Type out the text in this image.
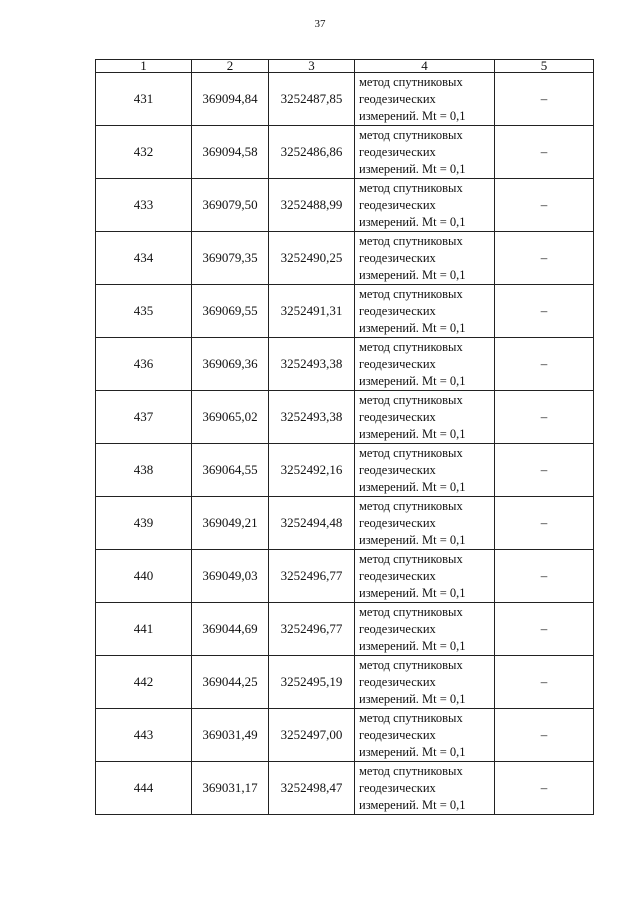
37
1	2	3	4	5
431	369094,84	3252487,85	метод спутниковых
геодезических
измерений. Mt = 0,1	–
432	369094,58	3252486,86	метод спутниковых
геодезических
измерений. Mt = 0,1	–
433	369079,50	3252488,99	метод спутниковых
геодезических
измерений. Mt = 0,1	–
434	369079,35	3252490,25	метод спутниковых
геодезических
измерений. Mt = 0,1	–
435	369069,55	3252491,31	метод спутниковых
геодезических
измерений. Mt = 0,1	–
436	369069,36	3252493,38	метод спутниковых
геодезических
измерений. Mt = 0,1	–
437	369065,02	3252493,38	метод спутниковых
геодезических
измерений. Mt = 0,1	–
438	369064,55	3252492,16	метод спутниковых
геодезических
измерений. Mt = 0,1	–
439	369049,21	3252494,48	метод спутниковых
геодезических
измерений. Mt = 0,1	–
440	369049,03	3252496,77	метод спутниковых
геодезических
измерений. Mt = 0,1	–
441	369044,69	3252496,77	метод спутниковых
геодезических
измерений. Mt = 0,1	–
442	369044,25	3252495,19	метод спутниковых
геодезических
измерений. Mt = 0,1	–
443	369031,49	3252497,00	метод спутниковых
геодезических
измерений. Mt = 0,1	–
444	369031,17	3252498,47	метод спутниковых
геодезических
измерений. Mt = 0,1	–
